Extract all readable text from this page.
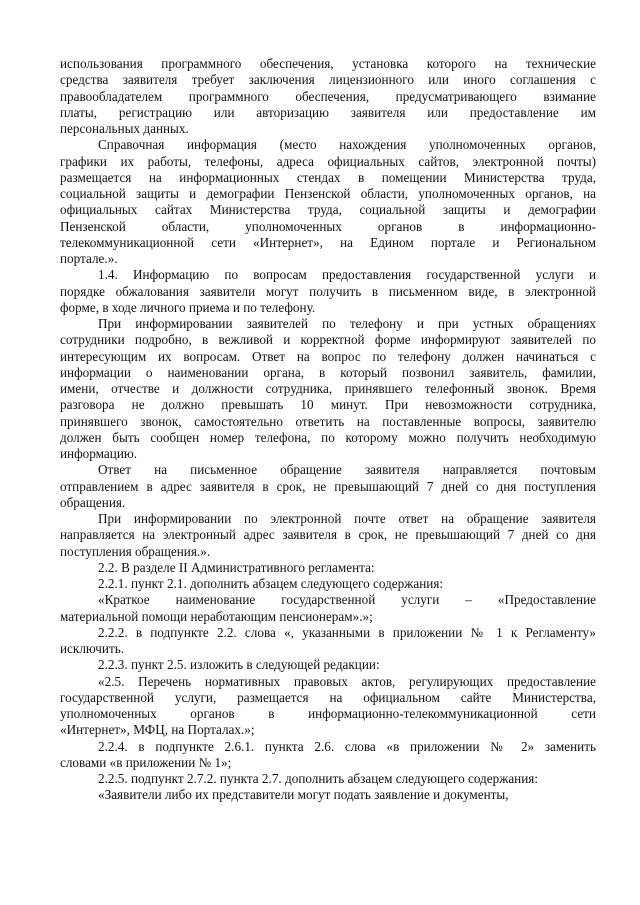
использования программного обеспечения, установка которого на технические
средства заявителя требует заключения лицензионного или иного соглашения с
правообладателем программного обеспечения, предусматривающего взимание
платы, регистрацию или авторизацию заявителя или предоставление им
персональных данных.
Справочная информация (место нахождения уполномоченных органов,
графики их работы, телефоны, адреса официальных сайтов, электронной почты)
размещается на информационных стендах в помещении Министерства труда,
социальной защиты и демографии Пензенской области, уполномоченных органов, на
официальных сайтах Министерства труда, социальной защиты и демографии
Пензенской области, уполномоченных органов в информационно-
телекоммуникационной сети «Интернет», на Едином портале и Региональном
портале.».
1.4. Информацию по вопросам предоставления государственной услуги и
порядке обжалования заявители могут получить в письменном виде, в электронной
форме, в ходе личного приема и по телефону.
При информировании заявителей по телефону и при устных обращениях
сотрудники подробно, в вежливой и корректной форме информируют заявителей по
интересующим их вопросам. Ответ на вопрос по телефону должен начинаться с
информации о наименовании органа, в который позвонил заявитель, фамилии,
имени, отчестве и должности сотрудника, принявшего телефонный звонок. Время
разговора не должно превышать 10 минут. При невозможности сотрудника,
принявшего звонок, самостоятельно ответить на поставленные вопросы, заявителю
должен быть сообщен номер телефона, по которому можно получить необходимую
информацию.
Ответ на письменное обращение заявителя направляется почтовым
отправлением в адрес заявителя в срок, не превышающий 7 дней со дня поступления
обращения.
При информировании по электронной почте ответ на обращение заявителя
направляется на электронный адрес заявителя в срок, не превышающий 7 дней со дня
поступления обращения.».
2.2. В разделе II Административного регламента:
2.2.1. пункт 2.1. дополнить абзацем следующего содержания:
«Краткое наименование государственной услуги – «Предоставление
материальной помощи неработающим пенсионерам».»;
2.2.2. в подпункте 2.2. слова «, указанными в приложении № 1 к Регламенту»
исключить.
2.2.3. пункт 2.5. изложить в следующей редакции:
«2.5. Перечень нормативных правовых актов, регулирующих предоставление
государственной услуги, размещается на официальном сайте Министерства,
уполномоченных органов в информационно-телекоммуникационной сети
«Интернет», МФЦ, на Порталах.»;
2.2.4. в подпункте 2.6.1. пункта 2.6. слова «в приложении № 2» заменить
словами «в приложении № 1»;
2.2.5. подпункт 2.7.2. пункта 2.7. дополнить абзацем следующего содержания:
«Заявители либо их представители могут подать заявление и документы,
